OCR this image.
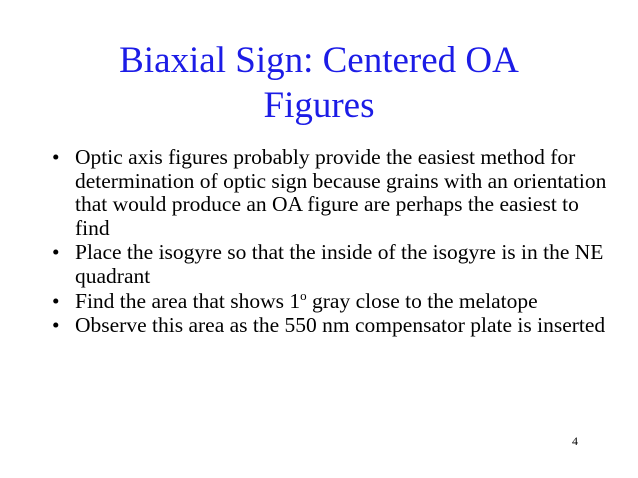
Biaxial Sign: Centered OA
Figures
• Optic axis figures probably provide the easiest method for determination of optic sign because grains with an orientation that would produce an OA figure are perhaps the easiest to find
• Place the isogyre so that the inside of the isogyre is in the NE quadrant
• Find the area that shows 1$^o$ gray close to the melatope
• Observe this area as the 550 nm compensator plate is inserted
4
